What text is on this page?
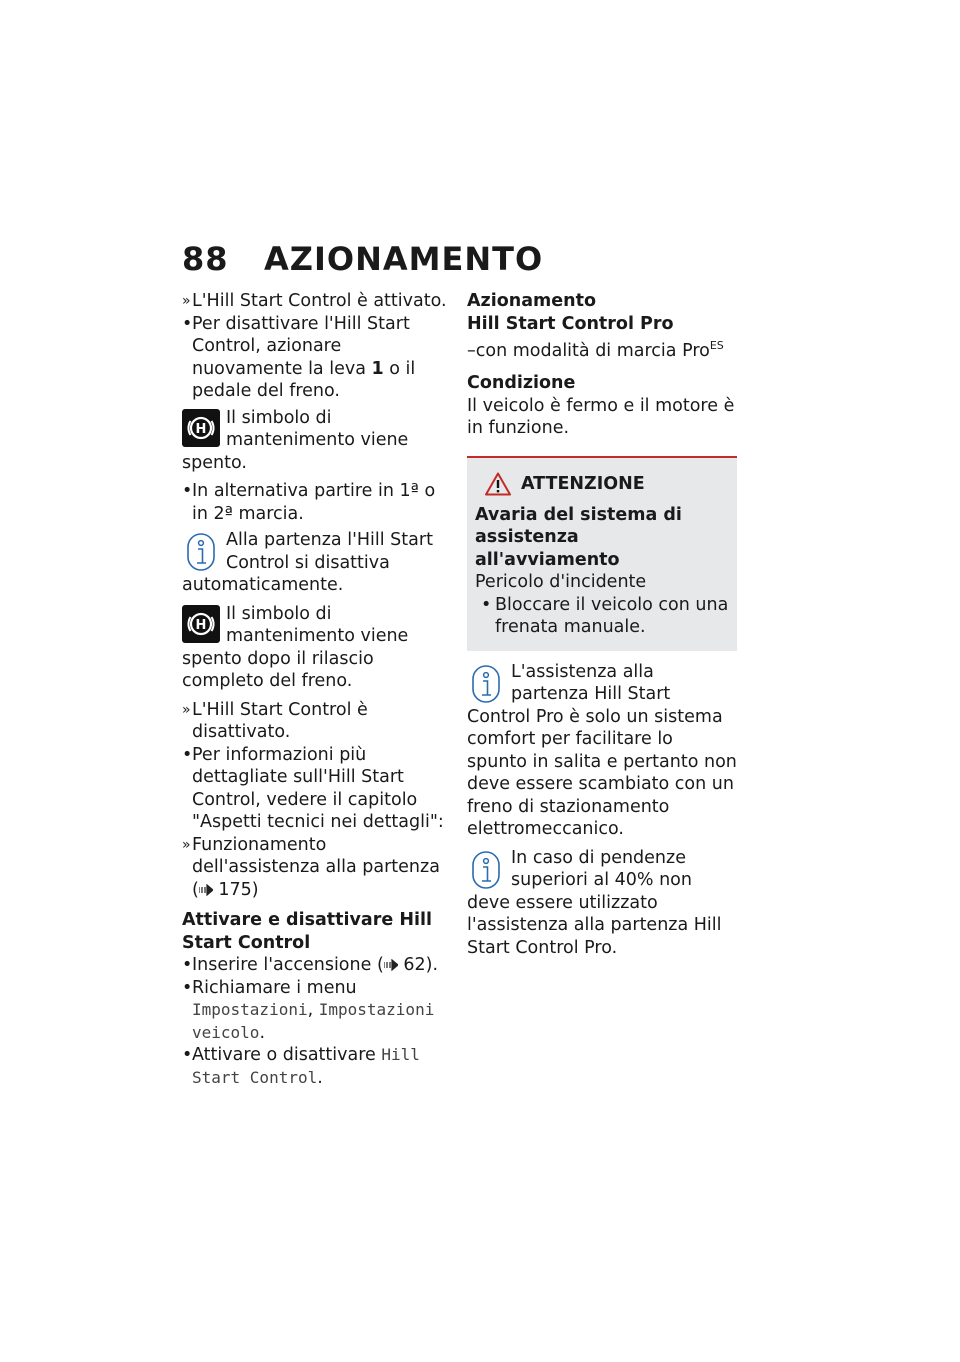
88	AZIONAMENTO

» L'Hill Start Control è attivato.

• Per disattivare l'Hill Start Control, azionare nuovamente la leva 1 o il pedale del freno.

H

Il simbolo di mantenimento viene spento.

• In alternativa partire in 1ª o in 2ª marcia.

Alla partenza l'Hill Start Control si disattiva automaticamente.

H

Il simbolo di mantenimento viene spento dopo il rilascio completo del freno.

» L'Hill Start Control è disattivato.

• Per informazioni più dettagliate sull'Hill Start Control, vedere il capitolo "Aspetti tecnici nei dettagli":

» Funzionamento dell'assistenza alla partenza ( 175)

Attivare e disattivare Hill Start Control

• Inserire l'accensione ( 62).

• Richiamare i menu Impostazioni, Impostazioni veicolo.

• Attivare o disattivare Hill Start Control.

Azionamento

Hill Start Control Pro

–con modalità di marcia Pro$^{ES}$

Condizione

Il veicolo è fermo e il motore è in funzione.

ATTENZIONE

Avaria del sistema di assistenza all'avviamento

Pericolo d'incidente

• Bloccare il veicolo con una frenata manuale.

L'assistenza alla partenza Hill Start Control Pro è solo un sistema comfort per facilitare lo spunto in salita e pertanto non deve essere scambiato con un freno di stazionamento elettromeccanico.

In caso di pendenze superiori al 40% non deve essere utilizzato l'assistenza alla partenza Hill Start Control Pro.
